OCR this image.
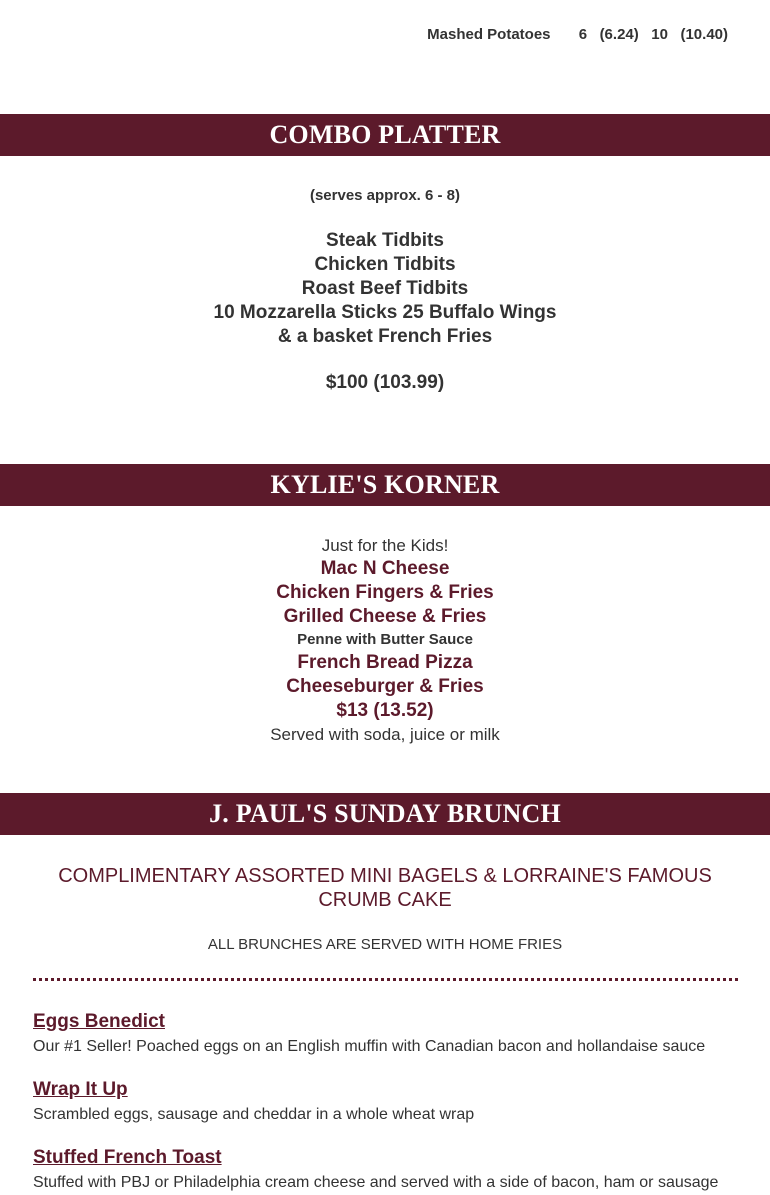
Mashed Potatoes 6 (6.24) 10 (10.40)
COMBO PLATTER
(serves approx. 6 - 8)
Steak Tidbits
Chicken Tidbits
Roast Beef Tidbits
10 Mozzarella Sticks 25 Buffalo Wings
& a basket French Fries
$100 (103.99)
KYLIE'S KORNER
Just for the Kids!
Mac N Cheese
Chicken Fingers & Fries
Grilled Cheese & Fries
Penne with Butter Sauce
French Bread Pizza
Cheeseburger & Fries
$13 (13.52)
Served with soda, juice or milk
J. PAUL'S SUNDAY BRUNCH
COMPLIMENTARY ASSORTED MINI BAGELS & LORRAINE'S FAMOUS CRUMB CAKE
ALL BRUNCHES ARE SERVED WITH HOME FRIES
Eggs Benedict
Our #1 Seller! Poached eggs on an English muffin with Canadian bacon and hollandaise sauce
Wrap It Up
Scrambled eggs, sausage and cheddar in a whole wheat wrap
Stuffed French Toast
Stuffed with PBJ or Philadelphia cream cheese and served with a side of bacon, ham or sausage
